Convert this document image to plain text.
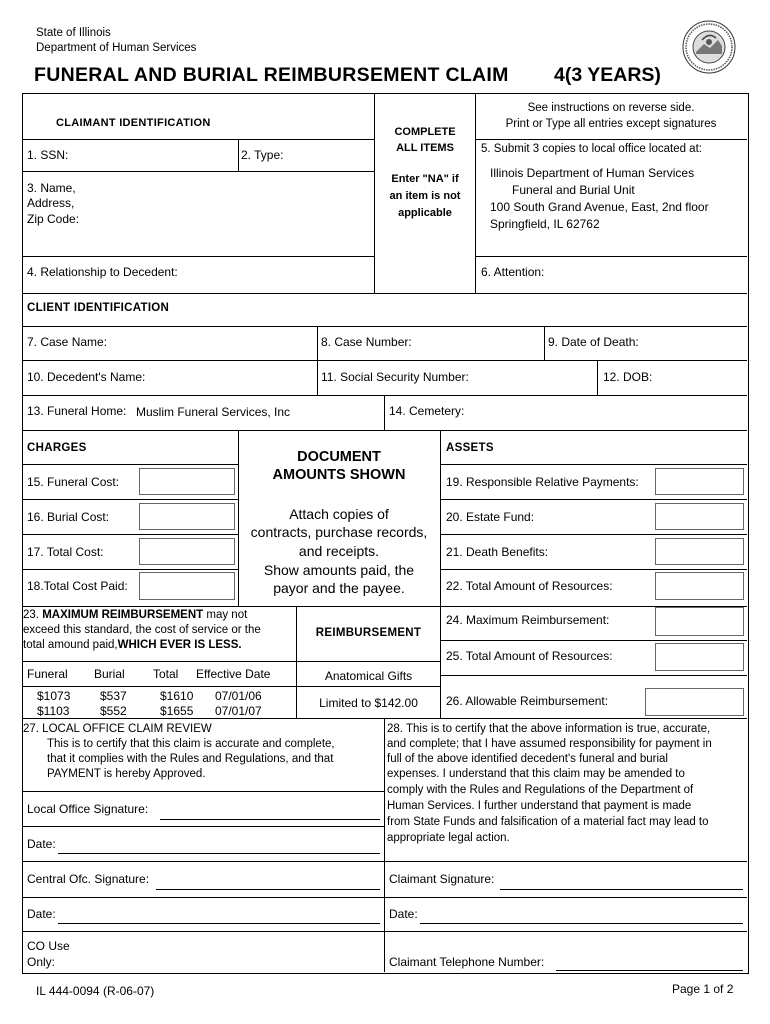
State of Illinois
Department of Human Services
FUNERAL AND BURIAL REIMBURSEMENT CLAIM 4(3 YEARS)
CLAIMANT IDENTIFICATION
COMPLETE
ALL ITEMS
Enter "NA" if
an item is not
applicable
See instructions on reverse side.
Print or Type all entries except signatures
1. SSN:	2. Type:
3. Name,
Address,
Zip Code:
5. Submit 3 copies to local office located at:
Illinois Department of Human Services
Funeral and Burial Unit
100 South Grand Avenue, East, 2nd floor
Springfield, IL 62762
4. Relationship to Decedent:	6. Attention:
CLIENT IDENTIFICATION
7. Case Name:	8. Case Number:	9. Date of Death:
10. Decedent's Name:	11. Social Security Number:	12. DOB:
13. Funeral Home: Muslim Funeral Services, Inc	14. Cemetery:
CHARGES
15. Funeral Cost:
16. Burial Cost:
17. Total Cost:
18.Total Cost Paid:
DOCUMENT
AMOUNTS SHOWN
Attach copies of
contracts, purchase records,
and receipts.
Show amounts paid, the
payor and the payee.
ASSETS
19. Responsible Relative Payments:
20. Estate Fund:
21. Death Benefits:
22. Total Amount of Resources:
23. MAXIMUM REIMBURSEMENT may not
exceed this standard, the cost of service or the
total amound paid,WHICH EVER IS LESS.
REIMBURSEMENT
Anatomical Gifts
Limited to $142.00
Funeral Burial Total Effective Date
$1073 $537	$1610 07/01/06
$1103	$552	$1655 07/01/07
24. Maximum Reimbursement:
25. Total Amount of Resources:
26. Allowable Reimbursement:
27. LOCAL OFFICE CLAIM REVIEW
This is to certify that this claim is accurate and complete,
that it complies with the Rules and Regulations, and that
PAYMENT is hereby Approved.
Local Office Signature:
Date:
Central Ofc. Signature:
Date:
CO Use
Only:
28. This is to certify that the above information is true, accurate,
and complete; that I have assumed responsibility for payment in
full of the above identified decedent's funeral and burial
expenses. I understand that this claim may be amended to
comply with the Rules and Regulations of the Department of
Human Services. I further understand that payment is made
from State Funds and falsification of a material fact may lead to
appropriate legal action.
Claimant Signature:
Date:
Claimant Telephone Number:
IL 444-0094 (R-06-07)	Page 1 of 2
